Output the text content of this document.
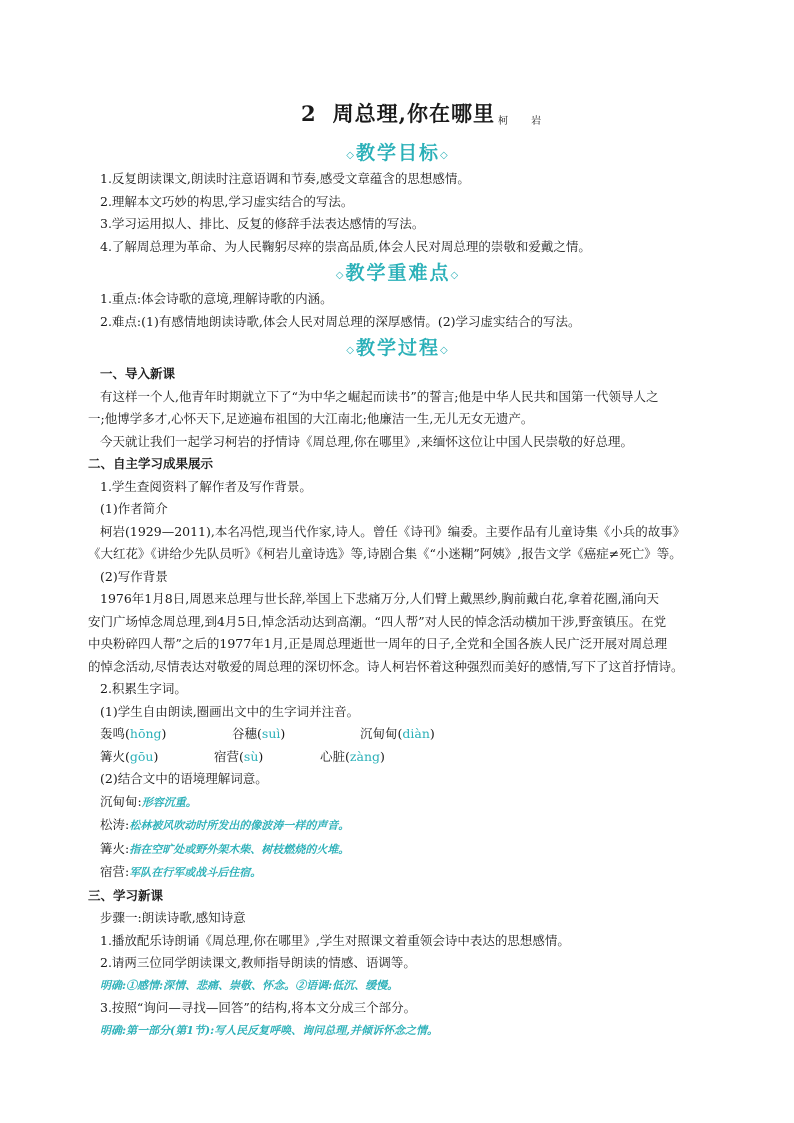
2 周总理,你在哪里 柯 岩
◇教学目标◇
1.反复朗读课文,朗读时注意语调和节奏,感受文章蕴含的思想感情。
2.理解本文巧妙的构思,学习虚实结合的写法。
3.学习运用拟人、排比、反复的修辞手法表达感情的写法。
4.了解周总理为革命、为人民鞠躬尽瘁的崇高品质,体会人民对周总理的崇敬和爱戴之情。
◇教学重难点◇
1.重点:体会诗歌的意境,理解诗歌的内涵。
2.难点:(1)有感情地朗读诗歌,体会人民对周总理的深厚感情。(2)学习虚实结合的写法。
◇教学过程◇
一、导入新课
有这样一个人,他青年时期就立下了“为中华之崛起而读书”的誓言;他是中华人民共和国第一代领导人之
一;他博学多才,心怀天下,足迹遍布祖国的大江南北;他廉洁一生,无儿无女无遗产。
今天就让我们一起学习柯岩的抒情诗《周总理,你在哪里》,来缅怀这位让中国人民崇敬的好总理。
二、自主学习成果展示
1.学生查阅资料了解作者及写作背景。
(1)作者简介
柯岩(1929—2011),本名冯恺,现当代作家,诗人。曾任《诗刊》编委。主要作品有儿童诗集《小兵的故事》
《大红花》《讲给少先队员听》《柯岩儿童诗选》等,诗剧合集《“小迷糊”阿姨》,报告文学《癌症≠死亡》等。
(2)写作背景
1976年1月8日,周恩来总理与世长辞,举国上下悲痛万分,人们臂上戴黑纱,胸前戴白花,拿着花圈,涌向天
安门广场悼念周总理,到4月5日,悼念活动达到高潮。“四人帮”对人民的悼念活动横加干涉,野蛮镇压。在党
中央粉碎四人帮”之后的1977年1月,正是周总理逝世一周年的日子,全党和全国各族人民广泛开展对周总理
的悼念活动,尽情表达对敬爱的周总理的深切怀念。诗人柯岩怀着这种强烈而美好的感情,写下了这首抒情诗。
2.积累生字词。
(1)学生自由朗读,圈画出文中的生字词并注音。
轰鸣(hōng)	谷穗(suì)	沉甸甸(diàn)
篝火(gōu)	宿营(sù)	心脏(zàng)
(2)结合文中的语境理解词意。
沉甸甸:形容沉重。
松涛:松林被风吹动时所发出的像波涛一样的声音。
篝火:指在空旷处或野外架木柴、树枝燃烧的火堆。
宿营:军队在行军或战斗后住宿。
三、学习新课
步骤一:朗读诗歌,感知诗意
1.播放配乐诗朗诵《周总理,你在哪里》,学生对照课文着重领会诗中表达的思想感情。
2.请两三位同学朗读课文,教师指导朗读的情感、语调等。
明确:①感情:深情、悲痛、崇敬、怀念。②语调:低沉、缓慢。
3.按照“询问—寻找—回答”的结构,将本文分成三个部分。
明确:第一部分(第1节):写人民反复呼唤、询问总理,并倾诉怀念之情。
